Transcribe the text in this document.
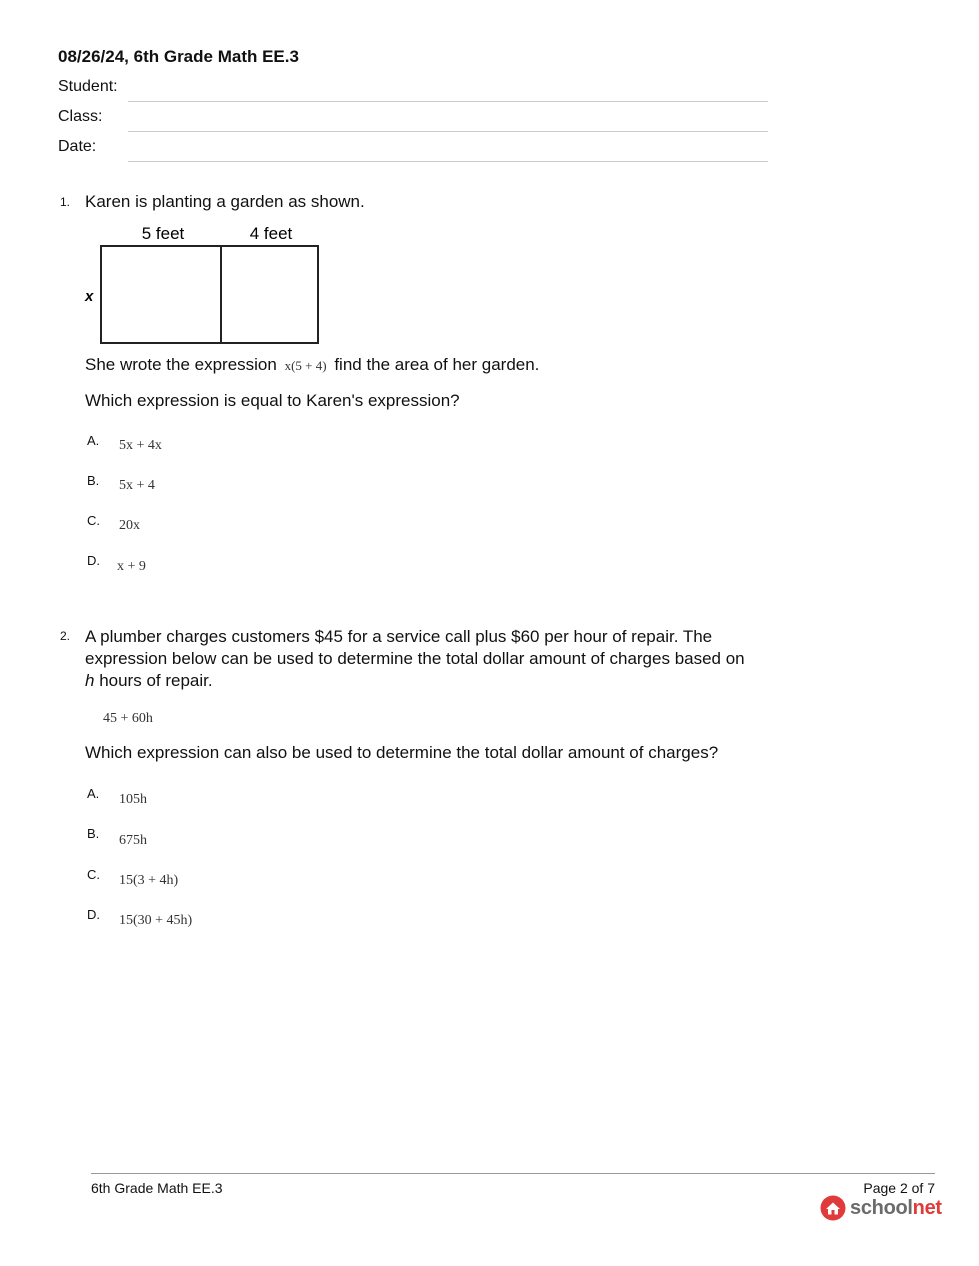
08/26/24, 6th Grade Math EE.3
Student:
Class:
Date:
1. Karen is planting a garden as shown.
5 feet	4 feet
x
She wrote the expression x(5 + 4) find the area of her garden.
Which expression is equal to Karen's expression?
A. 5x + 4x
B. 5x + 4
C. 20x
D. x + 9
2. A plumber charges customers $45 for a service call plus $60 per hour of repair. The
expression below can be used to determine the total dollar amount of charges based on
h hours of repair.
45 + 60h
Which expression can also be used to determine the total dollar amount of charges?
A. 105h
B. 675h
C. 15(3 + 4h)
D. 15(30 + 45h)
6th Grade Math EE.3	Page 2 of 7
school net
